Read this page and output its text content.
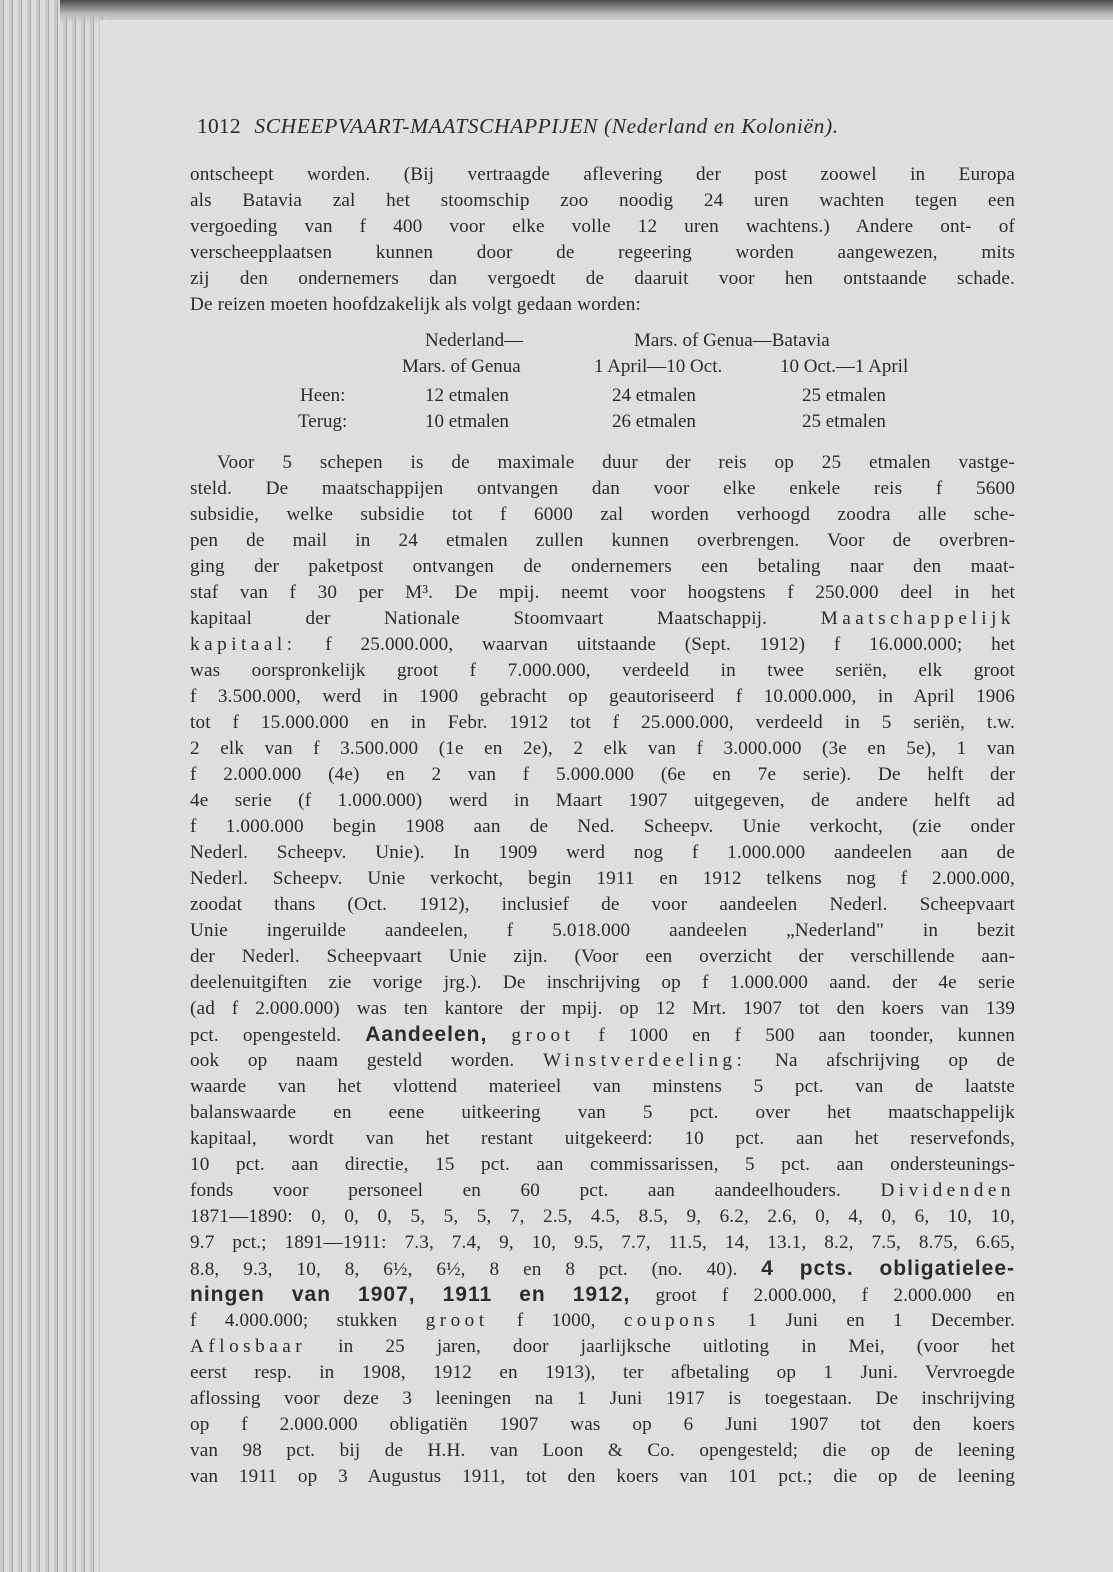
1012 SCHEEPVAART-MAATSCHAPPIJEN (Nederland en Koloniën).
ontscheept worden. (Bij vertraagde aflevering der post zoowel in Europa
als Batavia zal het stoomschip zoo noodig 24 uren wachten tegen een
vergoeding van f 400 voor elke volle 12 uren wachtens.) Andere ont- of
verscheepplaatsen kunnen door de regeering worden aangewezen, mits
zij den ondernemers dan vergoedt de daaruit voor hen ontstaande schade.
De reizen moeten hoofdzakelijk als volgt gedaan worden:
Nederland—	Mars. of Genua—Batavia
Mars. of Genua	1 April—10 Oct.	10 Oct.—1 April
Heen:	12 etmalen	24 etmalen	25 etmalen
Terug:	10 etmalen	26 etmalen	25 etmalen
Voor 5 schepen is de maximale duur der reis op 25 etmalen vastge-
steld. De maatschappijen ontvangen dan voor elke enkele reis f 5600
subsidie, welke subsidie tot f 6000 zal worden verhoogd zoodra alle sche-
pen de mail in 24 etmalen zullen kunnen overbrengen. Voor de overbren-
ging der paketpost ontvangen de ondernemers een betaling naar den maat-
staf van f 30 per M³. De mpij. neemt voor hoogstens f 250.000 deel in het
kapitaal der Nationale Stoomvaart Maatschappij.	Maatschappelijk
kapitaal: f 25.000.000, waarvan uitstaande (Sept. 1912) f 16.000.000; het
was oorspronkelijk groot f 7.000.000, verdeeld in twee seriën, elk groot
f 3.500.000, werd in 1900 gebracht op geautoriseerd f 10.000.000, in April 1906
tot f 15.000.000 en in Febr. 1912 tot f 25.000.000, verdeeld in 5 seriën, t.w.
2 elk van f 3.500.000 (1e en 2e), 2 elk van f 3.000.000 (3e en 5e), 1 van
f 2.000.000 (4e) en 2 van f 5.000.000 (6e en 7e serie). De helft der
4e serie (f 1.000.000) werd in Maart 1907 uitgegeven, de andere helft ad
f 1.000.000 begin 1908 aan de Ned. Scheepv. Unie verkocht, (zie onder
Nederl. Scheepv. Unie). In 1909 werd nog f 1.000.000 aandeelen aan de
Nederl. Scheepv. Unie verkocht, begin 1911 en 1912 telkens nog f 2.000.000,
zoodat thans (Oct. 1912), inclusief de voor aandeelen Nederl. Scheepvaart
Unie ingeruilde aandeelen, f 5.018.000 aandeelen „Nederland" in bezit
der Nederl. Scheepvaart Unie zijn. (Voor een overzicht der verschillende aan-
deelenuitgiften zie vorige jrg.). De inschrijving op f 1.000.000 aand. der 4e serie
(ad f 2.000.000) was ten kantore der mpij. op 12 Mrt. 1907 tot den koers van 139
pct. opengesteld. Aandeelen, groot f 1000 en f 500 aan toonder, kunnen
ook op naam gesteld worden. Winstverdeeling: Na afschrijving op de
waarde van het vlottend materieel van minstens 5 pct. van de laatste
balanswaarde en eene uitkeering van 5 pct. over het maatschappelijk
kapitaal, wordt van het restant uitgekeerd: 10 pct. aan het reservefonds,
10 pct. aan directie, 15 pct. aan commissarissen, 5 pct. aan ondersteunings-
fonds voor personeel en 60 pct. aan aandeelhouders. Dividenden
1871—1890: 0, 0, 0, 5, 5, 5, 7, 2.5, 4.5, 8.5, 9, 6.2, 2.6, 0, 4, 0, 6, 10, 10,
9.7 pct.; 1891—1911: 7.3, 7.4, 9, 10, 9.5, 7.7, 11.5, 14, 13.1, 8.2, 7.5, 8.75, 6.65,
8.8, 9.3, 10, 8, 6½, 6½, 8 en 8 pct. (no. 40). 4 pcts. obligatielee-
ningen van 1907, 1911 en 1912, groot f 2.000.000, f 2.000.000 en
f 4.000.000; stukken groot f 1000, coupons 1 Juni en 1 December.
Aflosbaar in 25 jaren, door jaarlijksche uitloting in Mei, (voor het
eerst resp. in 1908, 1912 en 1913), ter afbetaling op 1 Juni. Vervroegde
aflossing voor deze 3 leeningen na 1 Juni 1917 is toegestaan. De inschrijving
op f 2.000.000 obligatiën 1907 was op 6 Juni 1907 tot den koers
van 98 pct. bij de H.H. van Loon & Co. opengesteld; die op de leening
van 1911 op 3 Augustus 1911, tot den koers van 101 pct.; die op de leening
